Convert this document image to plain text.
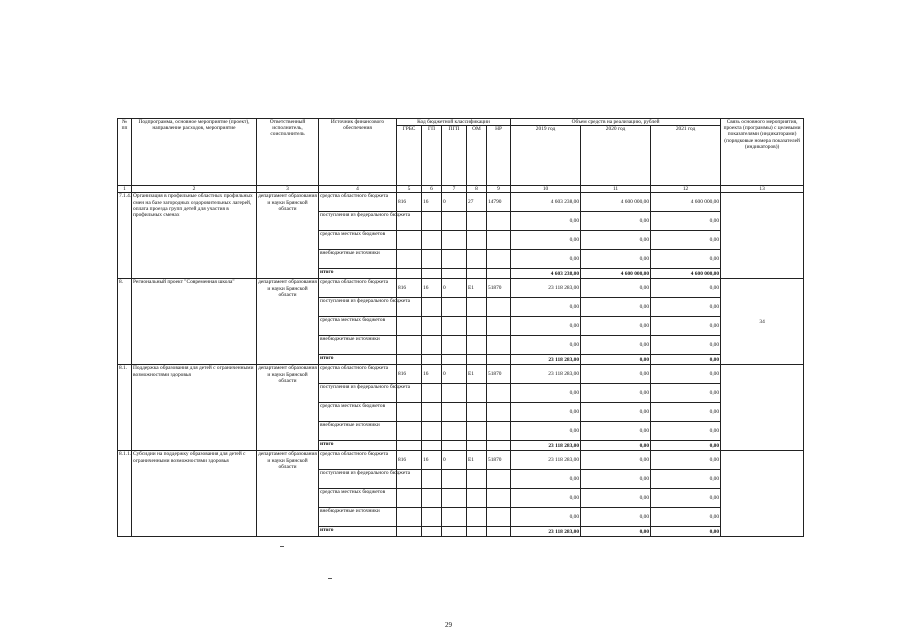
№ пп	Подпрограмма, основное мероприятие (проект), направление расходов, мероприятие	Ответственный исполнитель, соисполнитель	Источник финансового обеспечения	Код бюджетной классификации					Объем средств на реализацию, рублей			Связь основного мероприятия, проекта (программы) с целевыми показателями (индикаторами) (порядковые номера показателей (индикаторов))
				ГРБС	ГП	ПГП	ОМ	НР	2019 год	2020 год	2021 год	
1	2	3	4	5	6	7	8	9	10	11	12	13
7.1.4.	Организация в профильные областных профильных смен на базе загородных оздоровительных лагерей, оплата проезда групп детей для участия в профильных сменах	департамент образования и науки Брянской области	средства областного бюджета	816	16	0	27	14790	4 603 238,00	4 600 000,00	4 600 000,00	
			поступления из федерального бюджета						0,00	0,00	0,00	
			средства местных бюджетов						0,00	0,00	0,00	
			внебюджетные источники						0,00	0,00	0,00	
			итого						4 603 238,00	4 600 000,00	4 600 000,00	
8.	Региональный проект "Современная школа"	департамент образования и науки Брянской области	средства областного бюджета	816	16	0	E1	51870	23 118 283,00	0,00	0,00	34
			поступления из федерального бюджета						0,00	0,00	0,00	
			средства местных бюджетов						0,00	0,00	0,00	
			внебюджетные источники						0,00	0,00	0,00	
			итого						23 118 283,00	0,00	0,00	
8.1.	Поддержка образования для детей с ограниченными возможностями здоровья	департамент образования и науки Брянской области	средства областного бюджета	816	16	0	E1	51870	23 118 283,00	0,00	0,00	
			поступления из федерального бюджета						0,00	0,00	0,00	
			средства местных бюджетов						0,00	0,00	0,00	
			внебюджетные источники						0,00	0,00	0,00	
			итого						23 118 283,00	0,00	0,00	
8.1.1.	Субсидии на поддержку образования для детей с ограниченными возможностями здоровья	департамент образования и науки Брянской области	средства областного бюджета	816	16	0	E1	51870	23 118 283,00	0,00	0,00	
			поступления из федерального бюджета						0,00	0,00	0,00	
			средства местных бюджетов						0,00	0,00	0,00	
			внебюджетные источники						0,00	0,00	0,00	
			итого						23 118 283,00	0,00	0,00	
29
